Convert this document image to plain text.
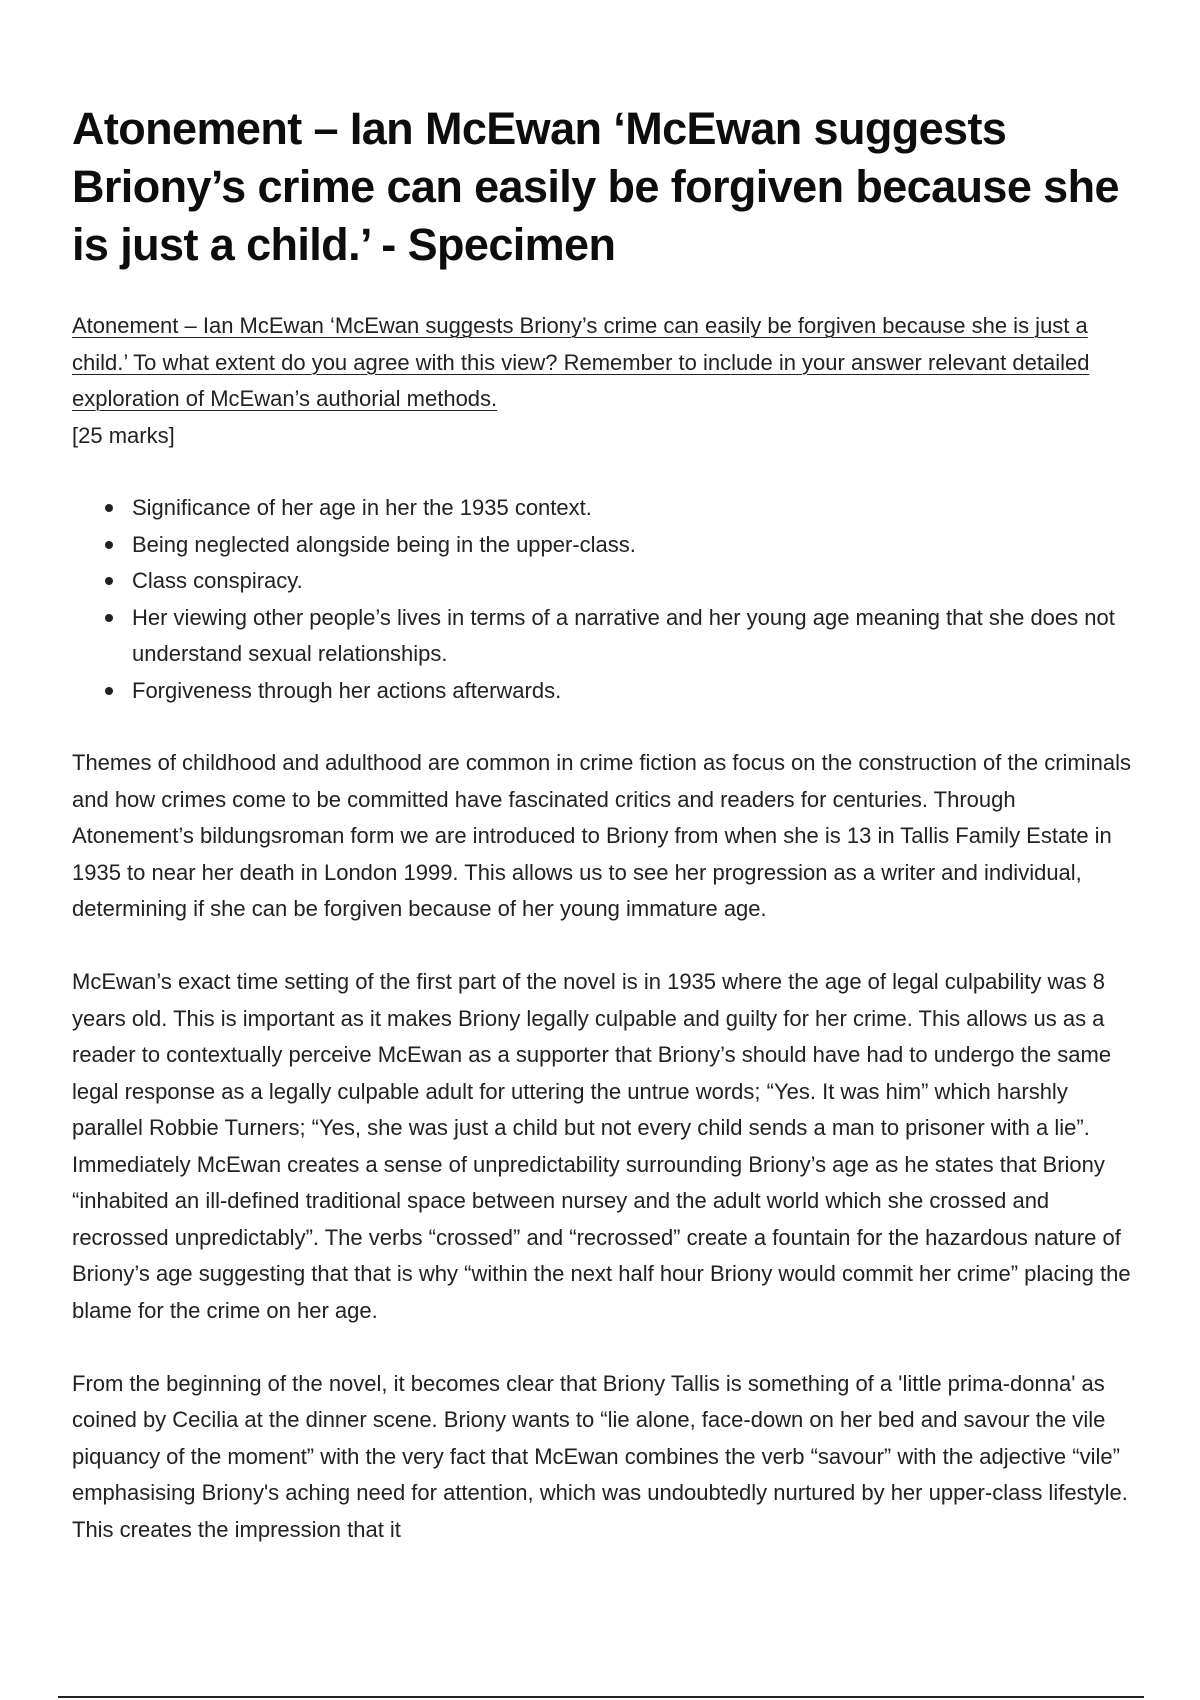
Atonement – Ian McEwan ‘McEwan suggests Briony’s crime can easily be forgiven because she is just a child.’ - Specimen

Atonement – Ian McEwan ‘McEwan suggests Briony’s crime can easily be forgiven because she is just a child.’ To what extent do you agree with this view? Remember to include in your answer relevant detailed exploration of McEwan’s authorial methods.

[25 marks]

Significance of her age in her the 1935 context.
Being neglected alongside being in the upper-class.
Class conspiracy.
Her viewing other people’s lives in terms of a narrative and her young age meaning that she does not understand sexual relationships.
Forgiveness through her actions afterwards.

Themes of childhood and adulthood are common in crime fiction as focus on the construction of the criminals and how crimes come to be committed have fascinated critics and readers for centuries. Through Atonement’s bildungsroman form we are introduced to Briony from when she is 13 in Tallis Family Estate in 1935 to near her death in London 1999. This allows us to see her progression as a writer and individual, determining if she can be forgiven because of her young immature age.

McEwan’s exact time setting of the first part of the novel is in 1935 where the age of legal culpability was 8 years old. This is important as it makes Briony legally culpable and guilty for her crime. This allows us as a reader to contextually perceive McEwan as a supporter that Briony’s should have had to undergo the same legal response as a legally culpable adult for uttering the untrue words; “Yes. It was him” which harshly parallel Robbie Turners; “Yes, she was just a child but not every child sends a man to prisoner with a lie”. Immediately McEwan creates a sense of unpredictability surrounding Briony’s age as he states that Briony “inhabited an ill-defined traditional space between nursey and the adult world which she crossed and recrossed unpredictably”. The verbs “crossed” and “recrossed” create a fountain for the hazardous nature of Briony’s age suggesting that that is why “within the next half hour Briony would commit her crime” placing the blame for the crime on her age.

From the beginning of the novel, it becomes clear that Briony Tallis is something of a 'little prima-donna' as coined by Cecilia at the dinner scene. Briony wants to “lie alone, face-down on her bed and savour the vile piquancy of the moment” with the very fact that McEwan combines the verb “savour” with the adjective “vile” emphasising Briony's aching need for attention, which was undoubtedly nurtured by her upper-class lifestyle. This creates the impression that it
